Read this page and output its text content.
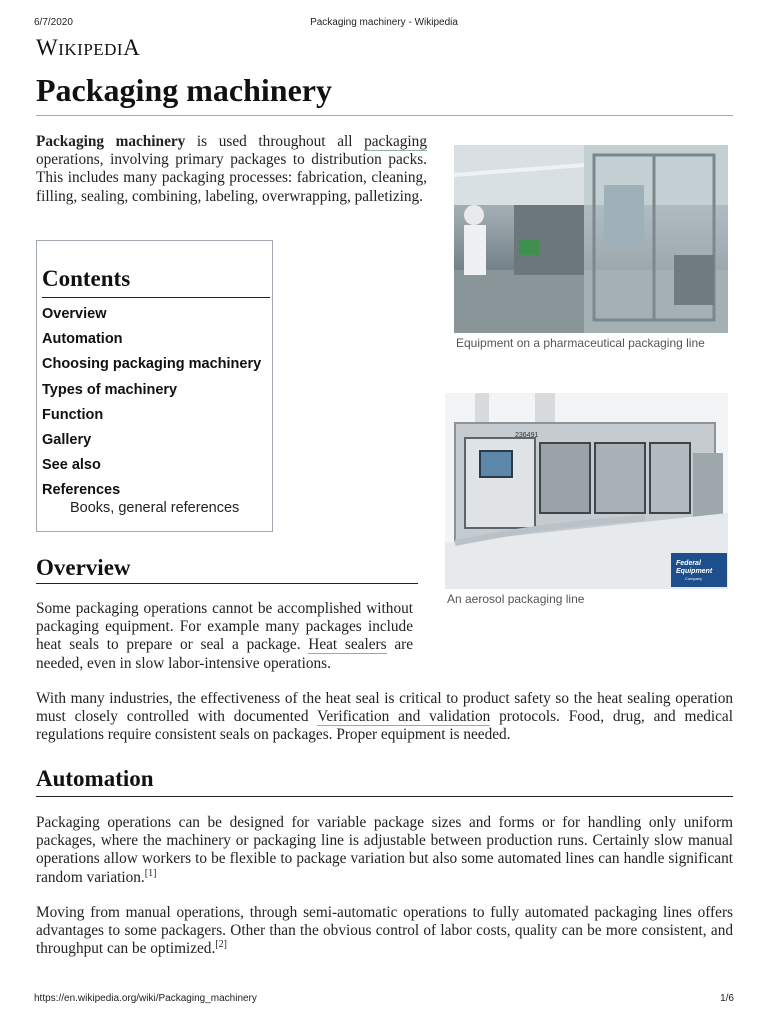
6/7/2020	Packaging machinery - Wikipedia
WIKIPEDIA
Packaging machinery

Packaging machinery is used throughout all packaging operations, involving primary packages to distribution packs. This includes many packaging processes: fabrication, cleaning, filling, sealing, combining, labeling, overwrapping, palletizing.

Equipment on a pharmaceutical packaging line
Contents
Overview
Automation
Choosing packaging machinery
Types of machinery
Function
Gallery
See also
References
Books, general references
236491
Federal
Equipment
Company
An aerosol packaging line
Overview

Some packaging operations cannot be accomplished without packaging equipment. For example many packages include heat seals to prepare or seal a package. Heat sealers are needed, even in slow labor-intensive operations.

With many industries, the effectiveness of the heat seal is critical to product safety so the heat sealing operation must closely controlled with documented Verification and validation protocols. Food, drug, and medical regulations require consistent seals on packages. Proper equipment is needed.

Automation

Packaging operations can be designed for variable package sizes and forms or for handling only uniform packages, where the machinery or packaging line is adjustable between production runs. Certainly slow manual operations allow workers to be flexible to package variation but also some automated lines can handle significant random variation.[1]

Moving from manual operations, through semi-automatic operations to fully automated packaging lines offers advantages to some packagers. Other than the obvious control of labor costs, quality can be more consistent, and throughput can be optimized.[2]

https://en.wikipedia.org/wiki/Packaging_machinery	1/6
